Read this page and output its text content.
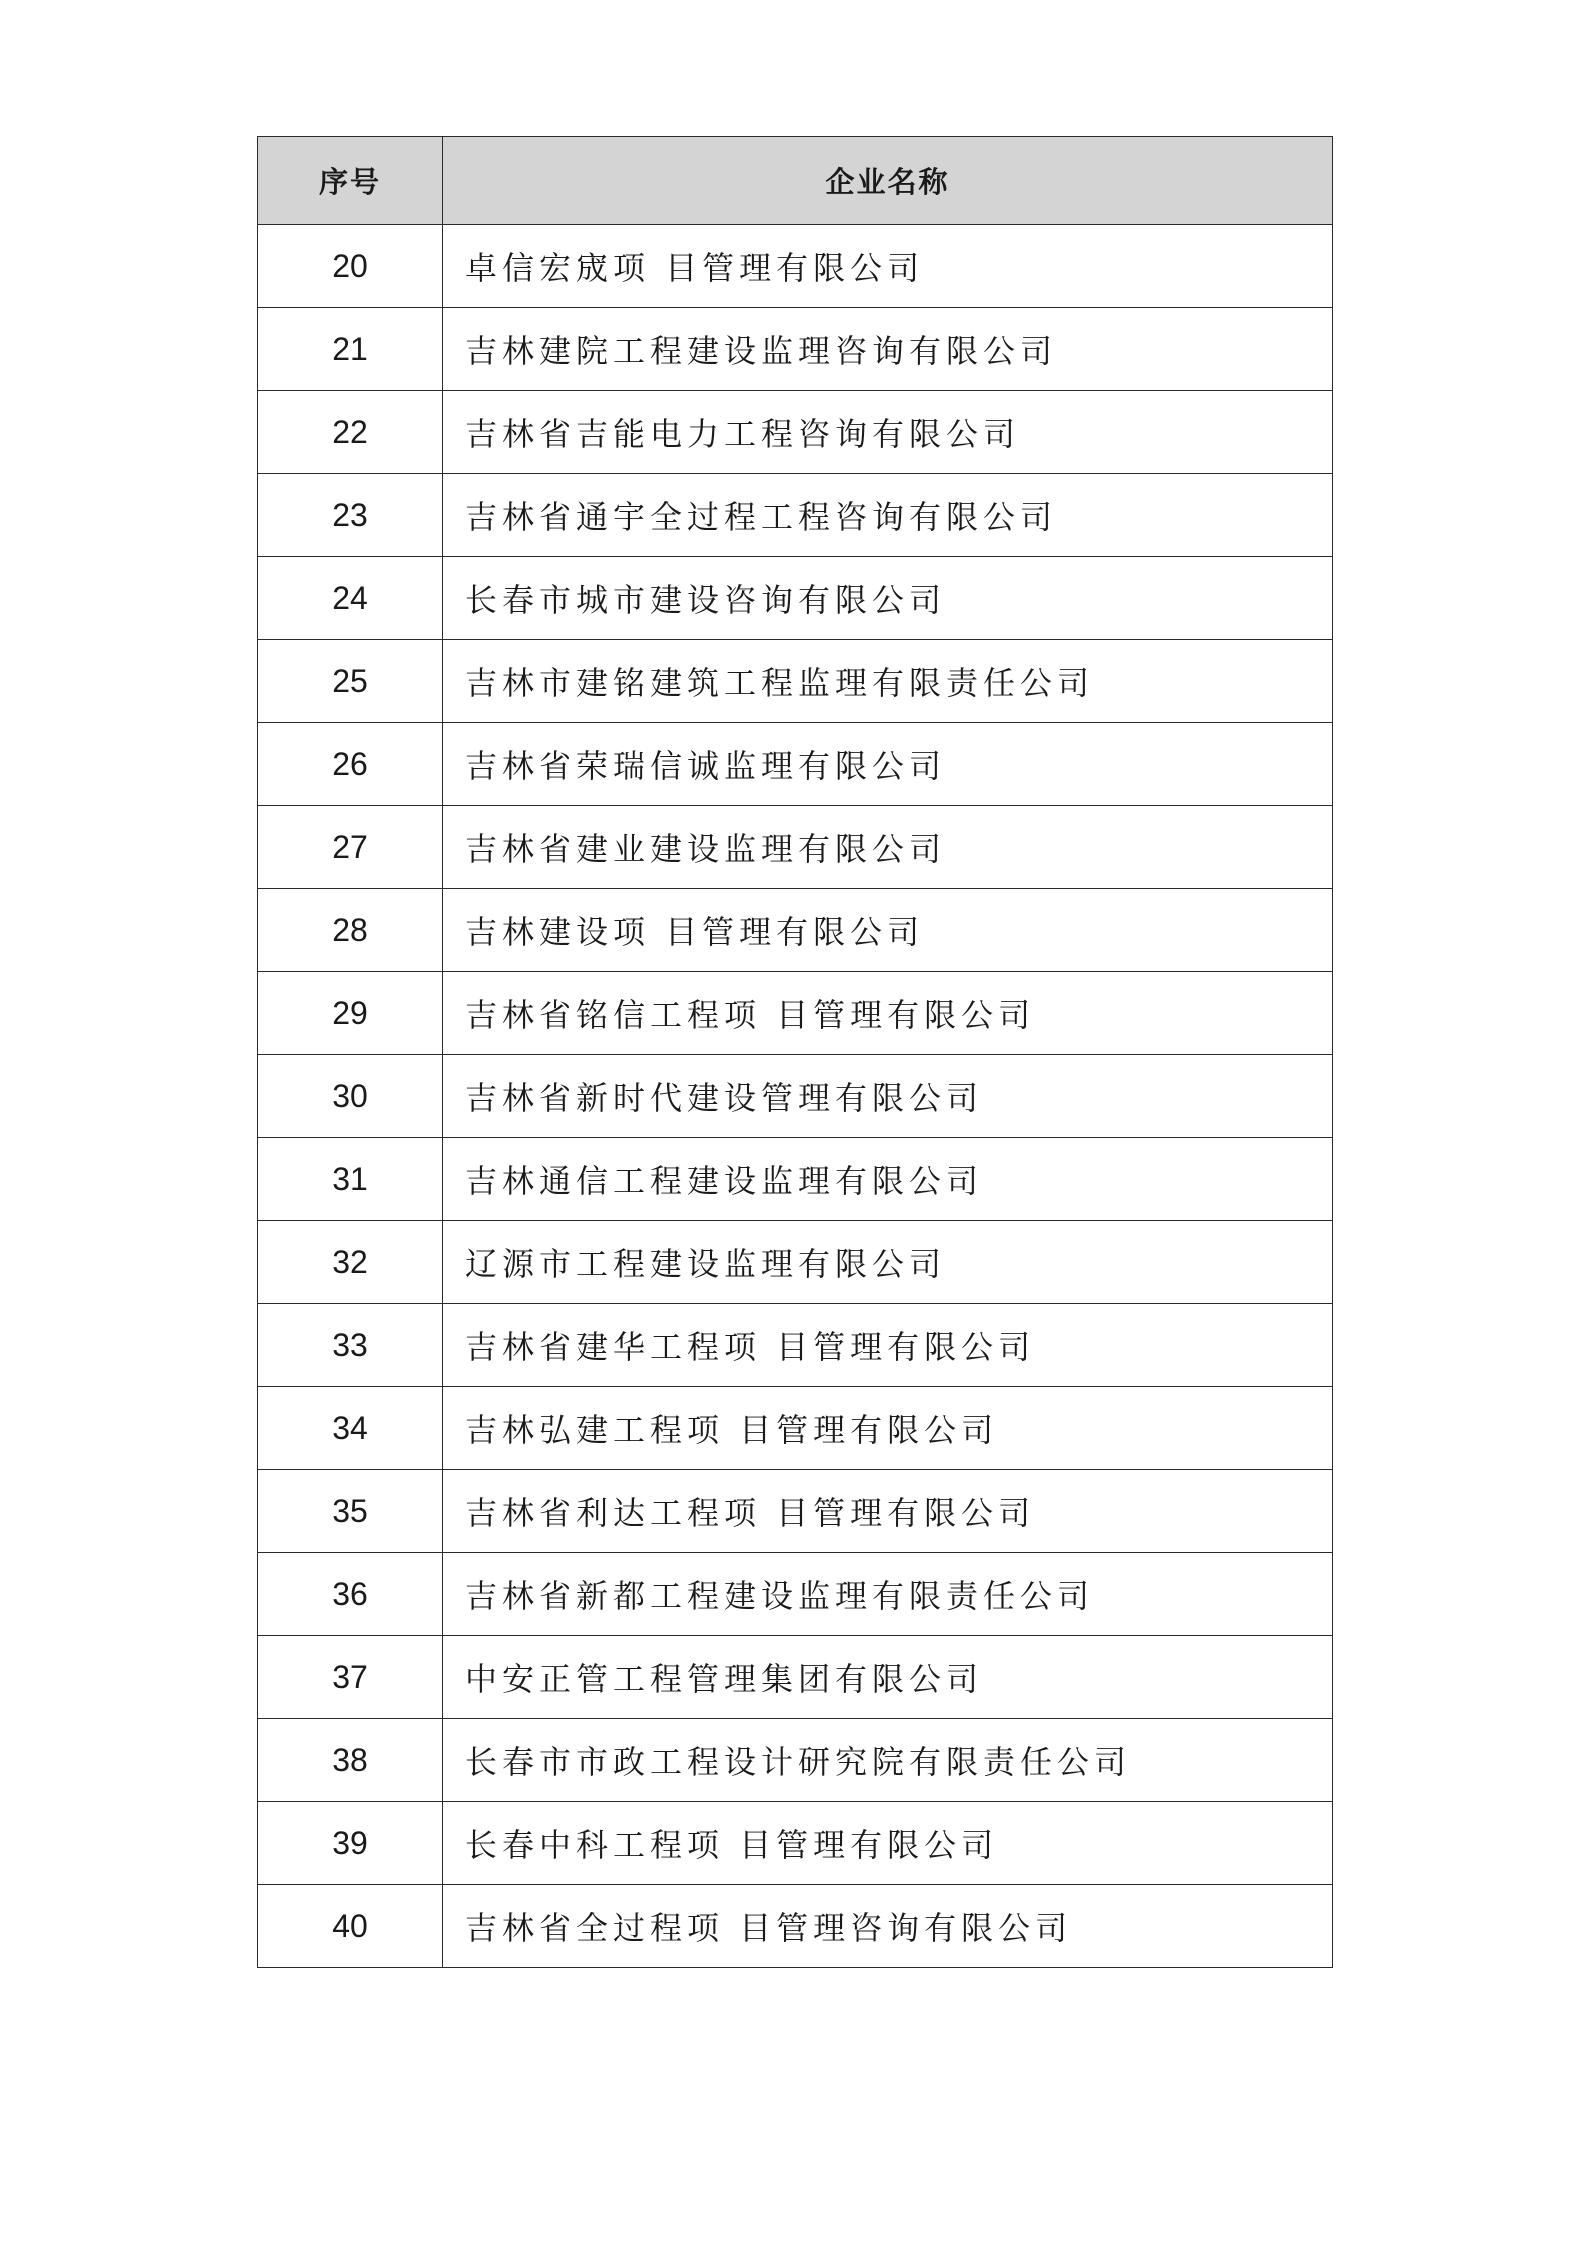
序号	企业名称
20	卓信宏宬项 目管理有限公司
21	吉林建院工程建设监理咨询有限公司
22	吉林省吉能电力工程咨询有限公司
23	吉林省通宇全过程工程咨询有限公司
24	长春市城市建设咨询有限公司
25	吉林市建铭建筑工程监理有限责任公司
26	吉林省荣瑞信诚监理有限公司
27	吉林省建业建设监理有限公司
28	吉林建设项 目管理有限公司
29	吉林省铭信工程项 目管理有限公司
30	吉林省新时代建设管理有限公司
31	吉林通信工程建设监理有限公司
32	辽源市工程建设监理有限公司
33	吉林省建华工程项 目管理有限公司
34	吉林弘建工程项 目管理有限公司
35	吉林省利达工程项 目管理有限公司
36	吉林省新都工程建设监理有限责任公司
37	中安正管工程管理集团有限公司
38	长春市市政工程设计研究院有限责任公司
39	长春中科工程项 目管理有限公司
40	吉林省全过程项 目管理咨询有限公司
